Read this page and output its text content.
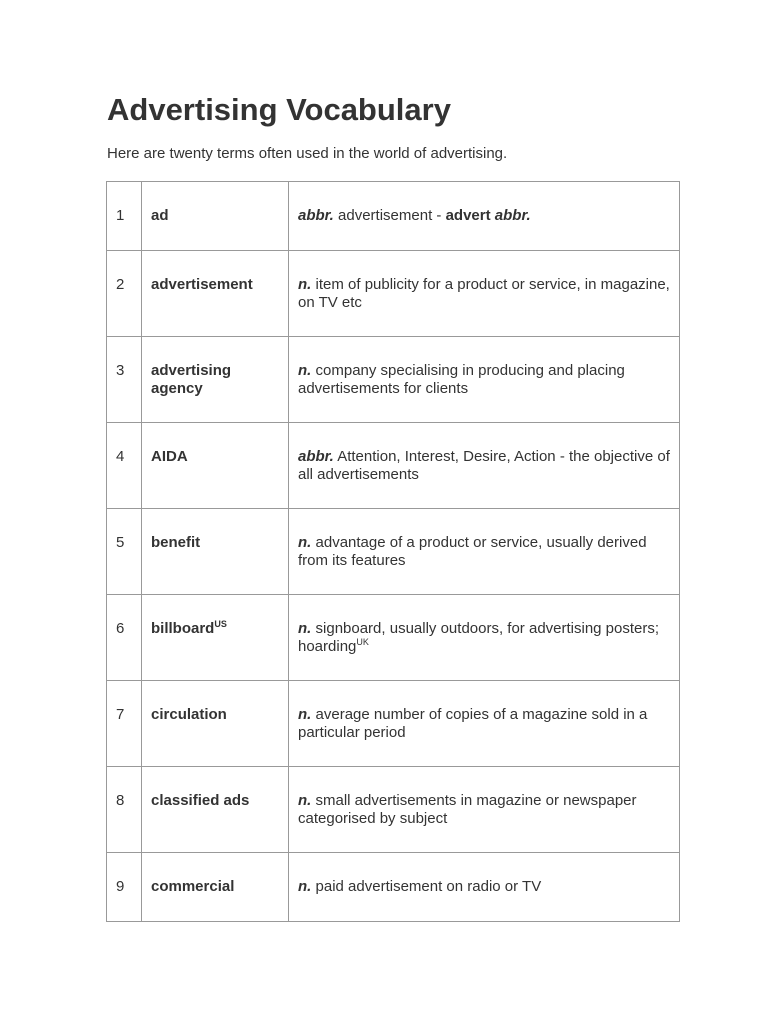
Advertising Vocabulary

Here are twenty terms often used in the world of advertising.

1	ad	abbr. advertisement - advert abbr.
2	advertisement	n. item of publicity for a product or service, in magazine, on TV etc
3	advertising agency	n. company specialising in producing and placing advertisements for clients
4	AIDA	abbr. Attention, Interest, Desire, Action - the objective of all advertisements
5	benefit	n. advantage of a product or service, usually derived from its features
6	billboard$^{US}$	n. signboard, usually outdoors, for advertising posters; hoarding$^{UK}$
7	circulation	n. average number of copies of a magazine sold in a particular period
8	classified ads	n. small advertisements in magazine or newspaper categorised by subject
9	commercial	n. paid advertisement on radio or TV
